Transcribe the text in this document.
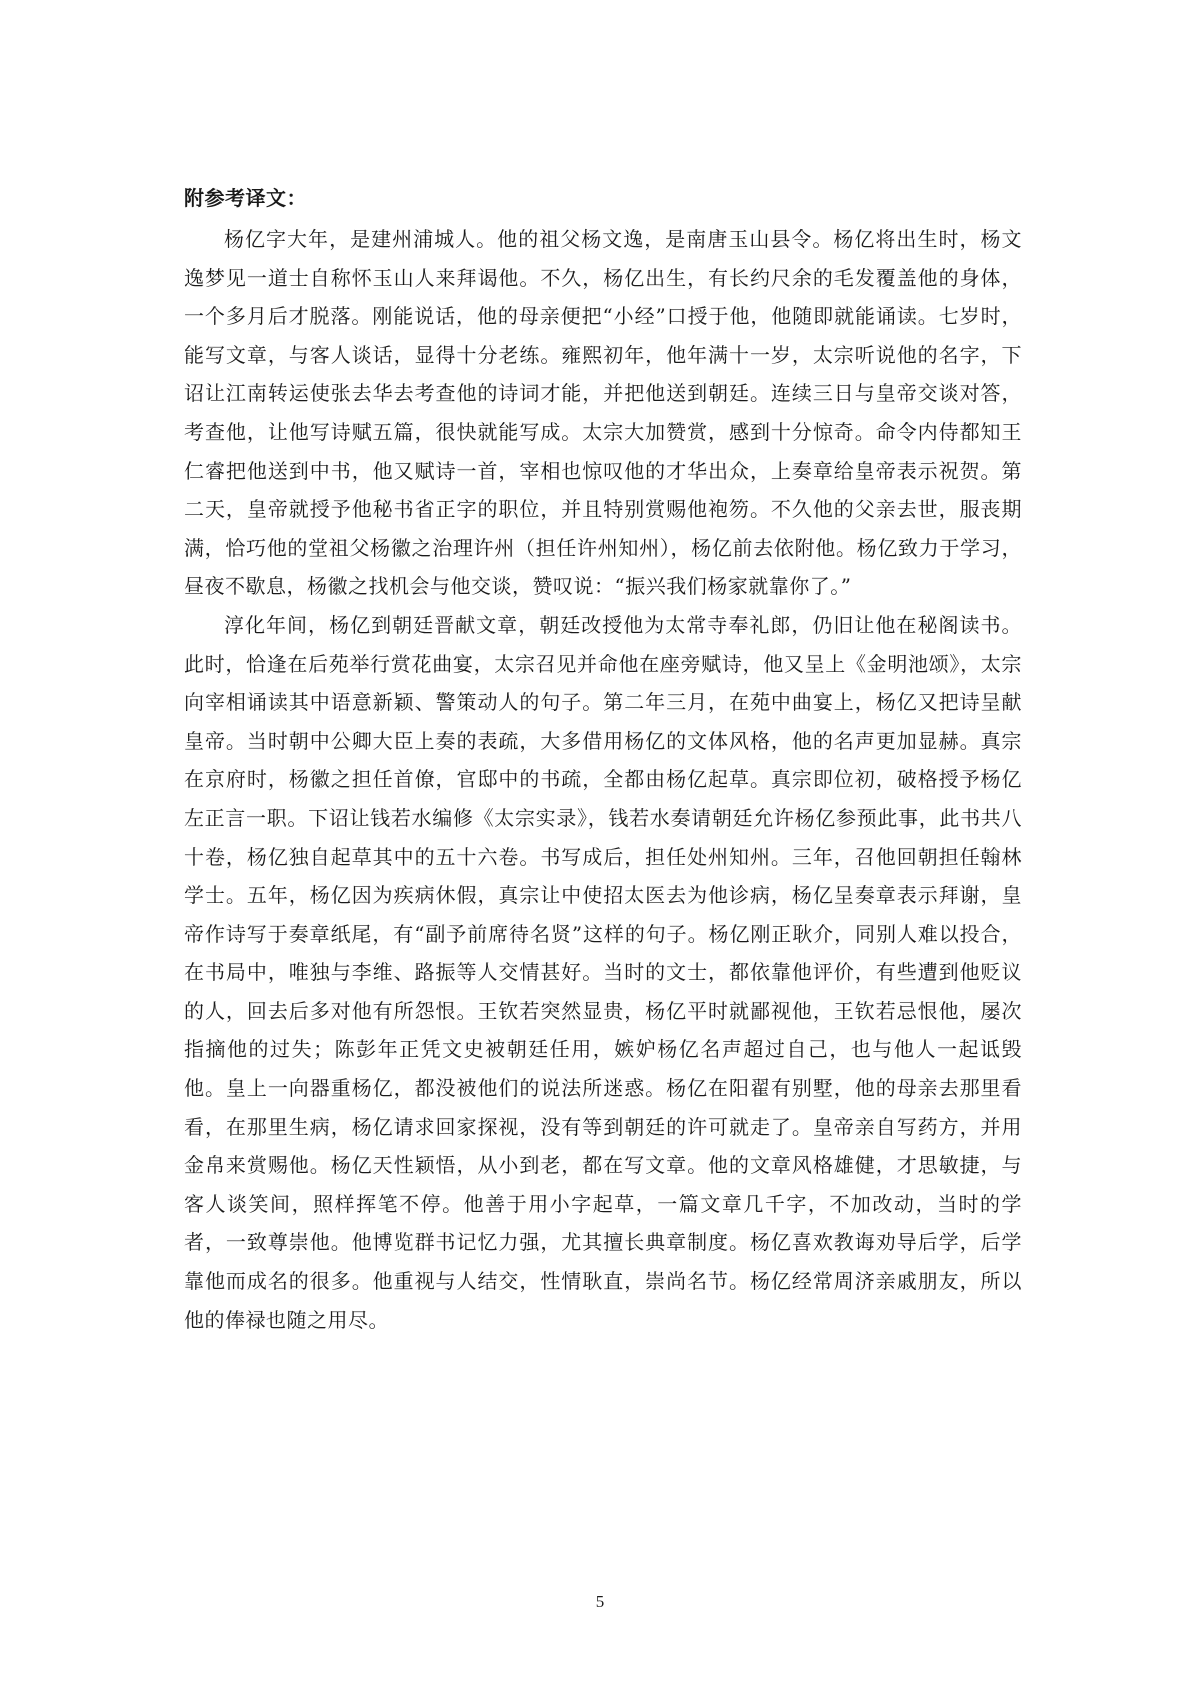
附参考译文：

杨亿字大年，是建州浦城人。他的祖父杨文逸，是南唐玉山县令。杨亿将出生时，杨文逸梦见一道士自称怀玉山人来拜谒他。不久，杨亿出生，有长约尺余的毛发覆盖他的身体，一个多月后才脱落。刚能说话，他的母亲便把“小经”口授于他，他随即就能诵读。七岁时，能写文章，与客人谈话，显得十分老练。雍熙初年，他年满十一岁，太宗听说他的名字，下诏让江南转运使张去华去考查他的诗词才能，并把他送到朝廷。连续三日与皇帝交谈对答，考查他，让他写诗赋五篇，很快就能写成。太宗大加赞赏，感到十分惊奇。命令内侍都知王仁睿把他送到中书，他又赋诗一首，宰相也惊叹他的才华出众，上奏章给皇帝表示祝贺。第二天，皇帝就授予他秘书省正字的职位，并且特别赏赐他袍笏。不久他的父亲去世，服丧期满，恰巧他的堂祖父杨徽之治理许州（担任许州知州），杨亿前去依附他。杨亿致力于学习，昼夜不歇息，杨徽之找机会与他交谈，赞叹说：“振兴我们杨家就靠你了。”

淳化年间，杨亿到朝廷晋献文章，朝廷改授他为太常寺奉礼郎，仍旧让他在秘阁读书。此时，恰逢在后苑举行赏花曲宴，太宗召见并命他在座旁赋诗，他又呈上《金明池颂》，太宗向宰相诵读其中语意新颖、警策动人的句子。第二年三月，在苑中曲宴上，杨亿又把诗呈献皇帝。当时朝中公卿大臣上奏的表疏，大多借用杨亿的文体风格，他的名声更加显赫。真宗在京府时，杨徽之担任首僚，官邸中的书疏，全都由杨亿起草。真宗即位初，破格授予杨亿左正言一职。下诏让钱若水编修《太宗实录》，钱若水奏请朝廷允许杨亿参预此事，此书共八十卷，杨亿独自起草其中的五十六卷。书写成后，担任处州知州。三年，召他回朝担任翰林学士。五年，杨亿因为疾病休假，真宗让中使招太医去为他诊病，杨亿呈奏章表示拜谢，皇帝作诗写于奏章纸尾，有“副予前席待名贤”这样的句子。杨亿刚正耿介，同别人难以投合，在书局中，唯独与李维、路振等人交情甚好。当时的文士，都依靠他评价，有些遭到他贬议的人，回去后多对他有所怨恨。王钦若突然显贵，杨亿平时就鄙视他，王钦若忌恨他，屡次指摘他的过失；陈彭年正凭文史被朝廷任用，嫉妒杨亿名声超过自己，也与他人一起诋毁他。皇上一向器重杨亿，都没被他们的说法所迷惑。杨亿在阳翟有别墅，他的母亲去那里看看，在那里生病，杨亿请求回家探视，没有等到朝廷的许可就走了。皇帝亲自写药方，并用金帛来赏赐他。杨亿天性颖悟，从小到老，都在写文章。他的文章风格雄健，才思敏捷，与客人谈笑间，照样挥笔不停。他善于用小字起草，一篇文章几千字，不加改动，当时的学者，一致尊崇他。他博览群书记忆力强，尤其擅长典章制度。杨亿喜欢教诲劝导后学，后学靠他而成名的很多。他重视与人结交，性情耿直，崇尚名节。杨亿经常周济亲戚朋友，所以他的俸禄也随之用尽。

5
